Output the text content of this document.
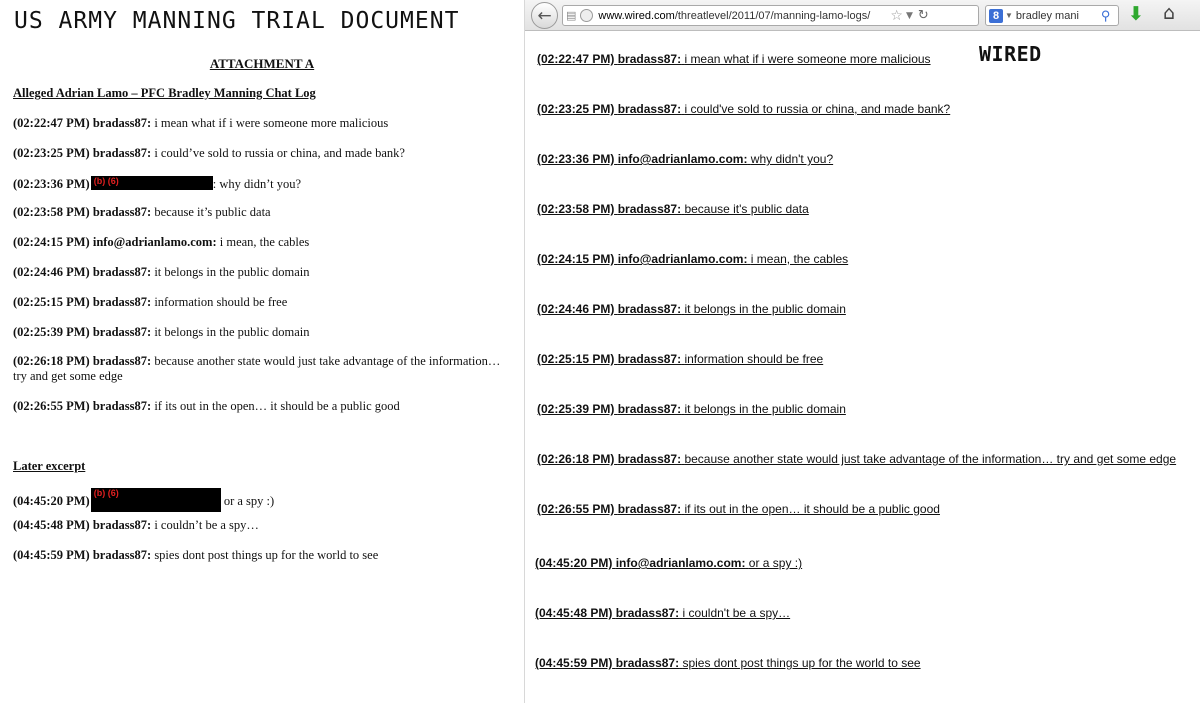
US ARMY MANNING TRIAL DOCUMENT
ATTACHMENT A
Alleged Adrian Lamo – PFC Bradley Manning Chat Log
(02:22:47 PM) bradass87: i mean what if i were someone more malicious
(02:23:25 PM) bradass87: i could’ve sold to russia or china, and made bank?
(02:23:36 PM) (b) (6)	: why didn’t you?
(02:23:58 PM) bradass87: because it’s public data
(02:24:15 PM) info@adrianlamo.com: i mean, the cables
(02:24:46 PM) bradass87: it belongs in the public domain
(02:25:15 PM) bradass87: information should be free
(02:25:39 PM) bradass87: it belongs in the public domain
(02:26:18 PM) bradass87: because another state would just take advantage of the information… try and get some edge
(02:26:55 PM) bradass87: if its out in the open… it should be a public good
Later excerpt
(04:45:20 PM)
(b) (6)
or a spy :)
(04:45:48 PM) bradass87: i couldn’t be a spy…
(04:45:59 PM) bradass87: spies dont post things up for the world to see
← ▤ www.wired.com/threatlevel/2011/07/manning-lamo-logs/	☆ ▼ ↻	8 ▼ bradley mani	⚲ ⬇ ⌂
WIRED
(02:22:47 PM) bradass87: i mean what if i were someone more malicious
(02:23:25 PM) bradass87: i could've sold to russia or china, and made bank?
(02:23:36 PM) info@adrianlamo.com: why didn't you?
(02:23:58 PM) bradass87: because it's public data
(02:24:15 PM) info@adrianlamo.com: i mean, the cables
(02:24:46 PM) bradass87: it belongs in the public domain
(02:25:15 PM) bradass87: information should be free
(02:25:39 PM) bradass87: it belongs in the public domain
(02:26:18 PM) bradass87: because another state would just take advantage of the information… try and get some edge
(02:26:55 PM) bradass87: if its out in the open… it should be a public good
(04:45:20 PM) info@adrianlamo.com: or a spy :)
(04:45:48 PM) bradass87: i couldn't be a spy…
(04:45:59 PM) bradass87: spies dont post things up for the world to see
